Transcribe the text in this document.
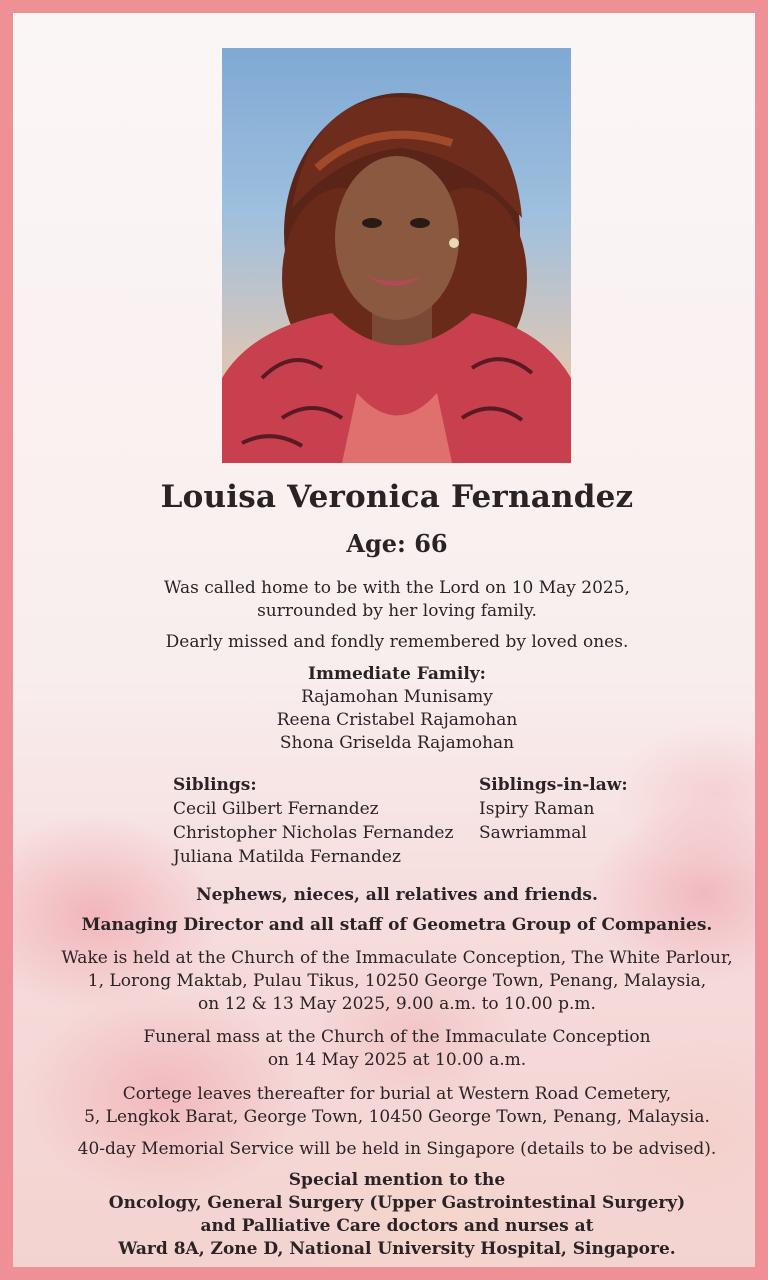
Louisa Veronica Fernandez
Age: 66
Was called home to be with the Lord on 10 May 2025,
surrounded by her loving family.
Dearly missed and fondly remembered by loved ones.
Immediate Family:
Rajamohan Munisamy
Reena Cristabel Rajamohan
Shona Griselda Rajamohan
Siblings:
Cecil Gilbert Fernandez
Christopher Nicholas Fernandez
Juliana Matilda Fernandez
Siblings-in-law:
Ispiry Raman
Sawriammal
Nephews, nieces, all relatives and friends.
Managing Director and all staff of Geometra Group of Companies.
Wake is held at the Church of the Immaculate Conception, The White Parlour,
1, Lorong Maktab, Pulau Tikus, 10250 George Town, Penang, Malaysia,
on 12 & 13 May 2025, 9.00 a.m. to 10.00 p.m.
Funeral mass at the Church of the Immaculate Conception
on 14 May 2025 at 10.00 a.m.
Cortege leaves thereafter for burial at Western Road Cemetery,
5, Lengkok Barat, George Town, 10450 George Town, Penang, Malaysia.
40-day Memorial Service will be held in Singapore (details to be advised).
Special mention to the
Oncology, General Surgery (Upper Gastrointestinal Surgery)
and Palliative Care doctors and nurses at
Ward 8A, Zone D, National University Hospital, Singapore.
